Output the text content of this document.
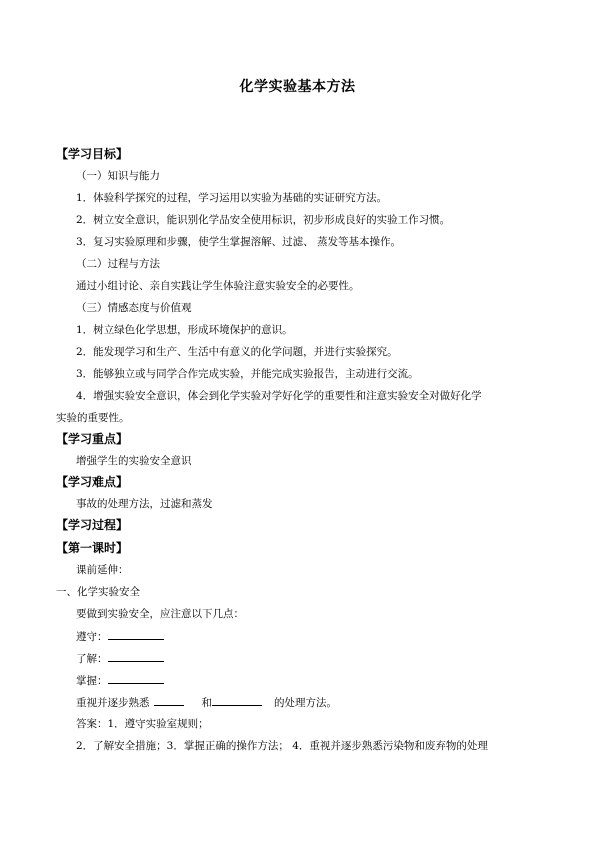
化学实验基本方法
【学习目标】
（一）知识与能力
1．体验科学探究的过程，学习运用以实验为基础的实证研究方法。
2．树立安全意识，能识别化学品安全使用标识，初步形成良好的实验工作习惯。
3．复习实验原理和步骤，使学生掌握溶解、过滤、 蒸发等基本操作。
（二）过程与方法
通过小组讨论、亲自实践让学生体验注意实验安全的必要性。
（三）情感态度与价值观
1．树立绿色化学思想，形成环境保护的意识。
2．能发现学习和生产、生活中有意义的化学问题，并进行实验探究。
3．能够独立或与同学合作完成实验，并能完成实验报告，主动进行交流。
4．增强实验安全意识，体会到化学实验对学好化学的重要性和注意实验安全对做好化学
实验的重要性。
【学习重点】
增强学生的实验安全意识
【学习难点】
事故的处理方法，过滤和蒸发
【学习过程】
【第一课时】
课前延伸：
一、化学实验安全
要做到实验安全，应注意以下几点：
遵守：
了解：
掌握：
重视并逐步熟悉	和	的处理方法。
答案：1．遵守实验室规则；
2．了解安全措施；3．掌握正确的操作方法； 4．重视并逐步熟悉污染物和废弃物的处理
